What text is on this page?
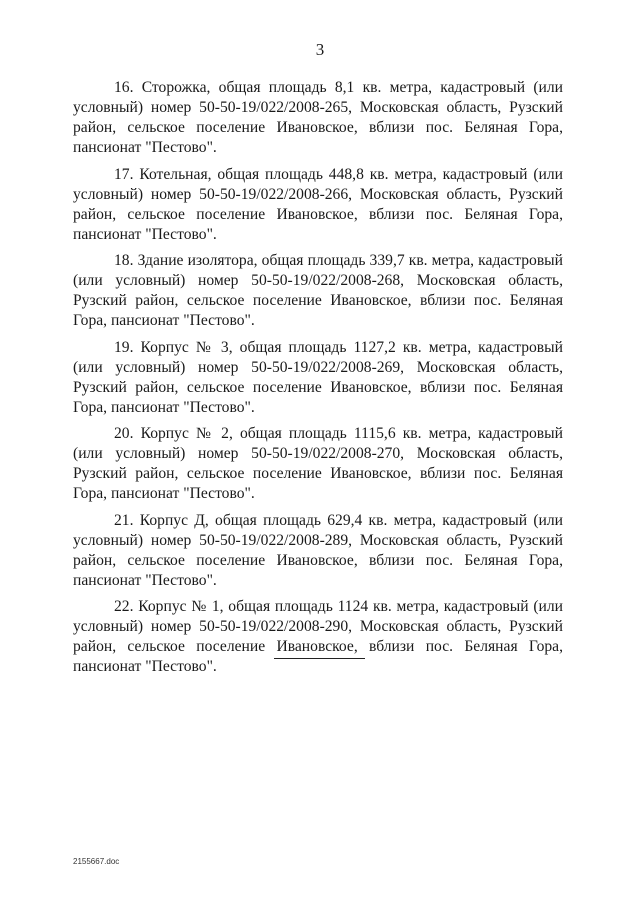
3

16. Сторожка, общая площадь 8,1 кв. метра, кадастровый (или условный) номер 50-50-19/022/2008-265, Московская область, Рузский район, сельское поселение Ивановское, вблизи пос. Беляная Гора, пансионат "Пестово".

17. Котельная, общая площадь 448,8 кв. метра, кадастровый (или условный) номер 50-50-19/022/2008-266, Московская область, Рузский район, сельское поселение Ивановское, вблизи пос. Беляная Гора, пансионат "Пестово".

18. Здание изолятора, общая площадь 339,7 кв. метра, кадастровый (или условный) номер 50-50-19/022/2008-268, Московская область, Рузский район, сельское поселение Ивановское, вблизи пос. Беляная Гора, пансионат "Пестово".

19. Корпус № 3, общая площадь 1127,2 кв. метра, кадастровый (или условный) номер 50-50-19/022/2008-269, Московская область, Рузский район, сельское поселение Ивановское, вблизи пос. Беляная Гора, пансионат "Пестово".

20. Корпус № 2, общая площадь 1115,6 кв. метра, кадастровый (или условный) номер 50-50-19/022/2008-270, Московская область, Рузский район, сельское поселение Ивановское, вблизи пос. Беляная Гора, пансионат "Пестово".

21. Корпус Д, общая площадь 629,4 кв. метра, кадастровый (или условный) номер 50-50-19/022/2008-289, Московская область, Рузский район, сельское поселение Ивановское, вблизи пос. Беляная Гора, пансионат "Пестово".

22. Корпус № 1, общая площадь 1124 кв. метра, кадастровый (или условный) номер 50-50-19/022/2008-290, Московская область, Рузский район, сельское поселение Ивановское, вблизи пос. Беляная Гора, пансионат "Пестово".

2155667.doc
